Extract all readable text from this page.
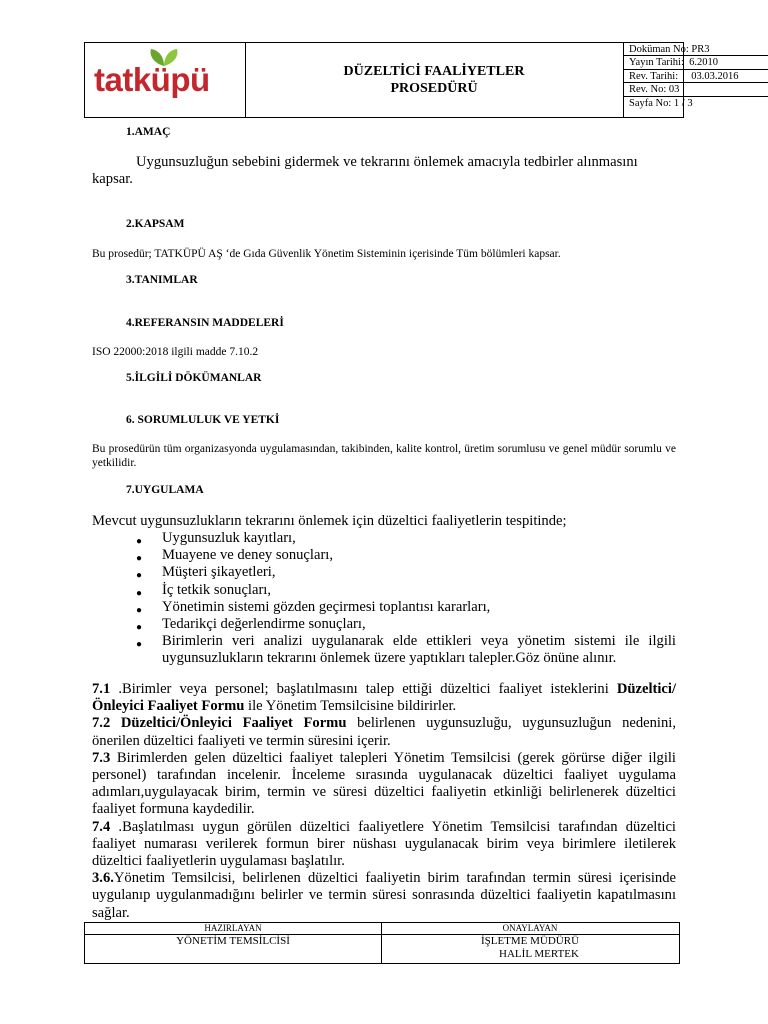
tatküpü	DÜZELTİCİ FAALİYETLER
PROSEDÜRÜ
Doküman No: PR3
Yayın Tarihi:  6.2010
Rev. Tarihi:     03.03.2016
Rev. No: 03
Sayfa No: 1 / 3
1.AMAÇ
Uygunsuzluğun sebebini gidermek ve tekrarını önlemek amacıyla tedbirler alınmasını kapsar.
2.KAPSAM
Bu prosedür; TATKÜPÜ AŞ ‘de Gıda Güvenlik Yönetim Sisteminin içerisinde Tüm bölümleri kapsar.
3.TANIMLAR
4.REFERANSIN MADDELERİ
ISO 22000:2018 ilgili madde 7.10.2
5.İLGİLİ DÖKÜMANLAR
6. SORUMLULUK VE YETKİ
Bu prosedürün tüm organizasyonda uygulamasından, takibinden, kalite kontrol, üretim sorumlusu ve genel müdür sorumlu ve yetkilidir.
7.UYGULAMA
Mevcut uygunsuzlukların tekrarını önlemek için düzeltici faaliyetlerin tespitinde;
● Uygunsuzluk kayıtları,
● Muayene ve deney sonuçları,
● Müşteri şikayetleri,
● İç tetkik sonuçları,
● Yönetimin sistemi gözden geçirmesi toplantısı kararları,
● Tedarikçi değerlendirme sonuçları,
● Birimlerin veri analizi uygulanarak elde ettikleri veya yönetim sistemi ile ilgili uygunsuzlukların tekrarını önlemek üzere yaptıkları talepler.Göz önüne alınır.
7.1 .Birimler veya personel; başlatılmasını talep ettiği düzeltici faaliyet isteklerini Düzeltici/Önleyici Faaliyet Formu ile Yönetim Temsilcisine bildirirler.
7.2 Düzeltici/Önleyici Faaliyet Formu belirlenen uygunsuzluğu, uygunsuzluğun nedenini, önerilen düzeltici faaliyeti ve termin süresini içerir.
7.3 Birimlerden gelen düzeltici faaliyet talepleri Yönetim Temsilcisi (gerek görürse diğer ilgili personel) tarafından incelenir. İnceleme sırasında uygulanacak düzeltici faaliyet uygulama adımları,uygulayacak birim, termin ve süresi düzeltici faaliyetin etkinliği belirlenerek düzeltici faaliyet formuna kaydedilir.
7.4 .Başlatılması uygun görülen düzeltici faaliyetlere Yönetim Temsilcisi tarafından düzeltici faaliyet numarası verilerek formun birer nüshası uygulanacak birim veya birimlere iletilerek düzeltici faaliyetlerin uygulaması başlatılır.
3.6.Yönetim Temsilcisi, belirlenen düzeltici faaliyetin birim tarafından termin süresi içerisinde uygulanıp uygulanmadığını belirler ve termin süresi sonrasında düzeltici faaliyetin kapatılmasını sağlar.
HAZIRLAYAN
YÖNETİM TEMSİLCİSİ
ONAYLAYAN
İŞLETME MÜDÜRÜ
HALİL MERTEK
